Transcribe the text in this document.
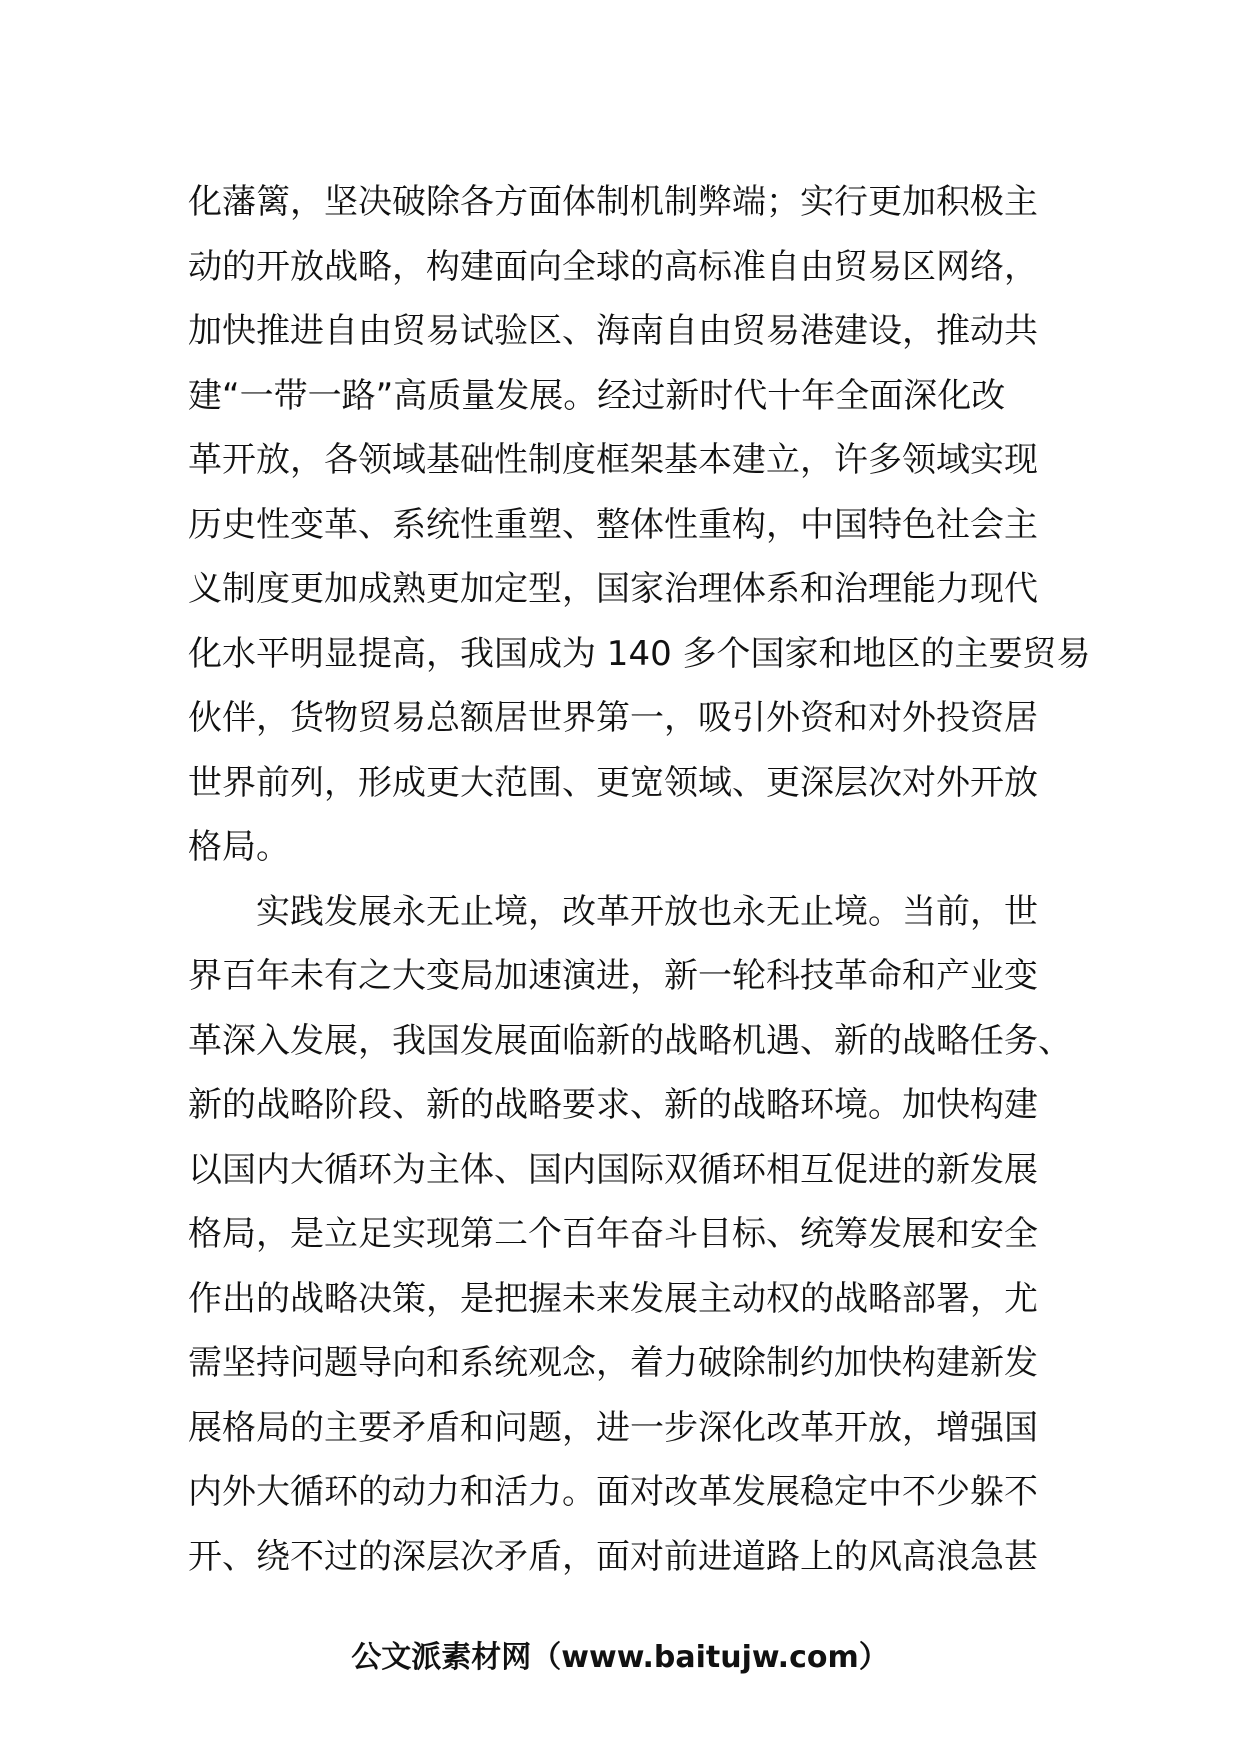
化藩篱，坚决破除各方面体制机制弊端；实行更加积极主
动的开放战略，构建面向全球的高标准自由贸易区网络，
加快推进自由贸易试验区、海南自由贸易港建设，推动共
建“一带一路”高质量发展。经过新时代十年全面深化改
革开放，各领域基础性制度框架基本建立，许多领域实现
历史性变革、系统性重塑、整体性重构，中国特色社会主
义制度更加成熟更加定型，国家治理体系和治理能力现代
化水平明显提高，我国成为 140 多个国家和地区的主要贸易
伙伴，货物贸易总额居世界第一，吸引外资和对外投资居
世界前列，形成更大范围、更宽领域、更深层次对外开放
格局。
实践发展永无止境，改革开放也永无止境。当前，世
界百年未有之大变局加速演进，新一轮科技革命和产业变
革深入发展，我国发展面临新的战略机遇、新的战略任务、
新的战略阶段、新的战略要求、新的战略环境。加快构建
以国内大循环为主体、国内国际双循环相互促进的新发展
格局，是立足实现第二个百年奋斗目标、统筹发展和安全
作出的战略决策，是把握未来发展主动权的战略部署，尤
需坚持问题导向和系统观念，着力破除制约加快构建新发
展格局的主要矛盾和问题，进一步深化改革开放，增强国
内外大循环的动力和活力。面对改革发展稳定中不少躲不
开、绕不过的深层次矛盾，面对前进道路上的风高浪急甚
公文派素材网（www.baitujw.com）
